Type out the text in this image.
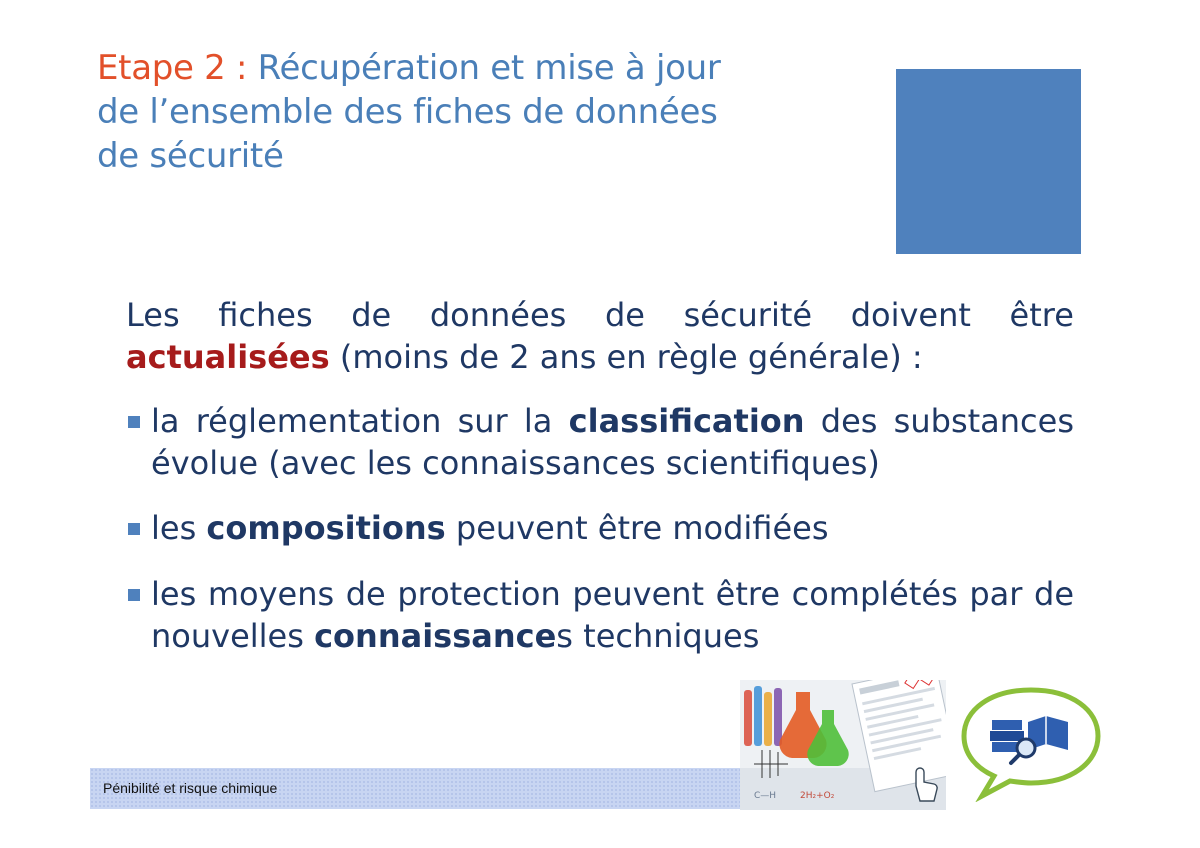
Etape 2 : Récupération et mise à jour
de l’ensemble des fiches de données
de sécurité
Les fiches de données de sécurité doivent être
actualisées (moins de 2 ans en règle générale) :
la réglementation sur la classification des substances évolue (avec les connaissances scientifiques)
les compositions peuvent être modifiées
les moyens de protection peuvent être complétés par de nouvelles connaissances techniques
Pénibilité et risque chimique	C—H	2H₂+O₂
